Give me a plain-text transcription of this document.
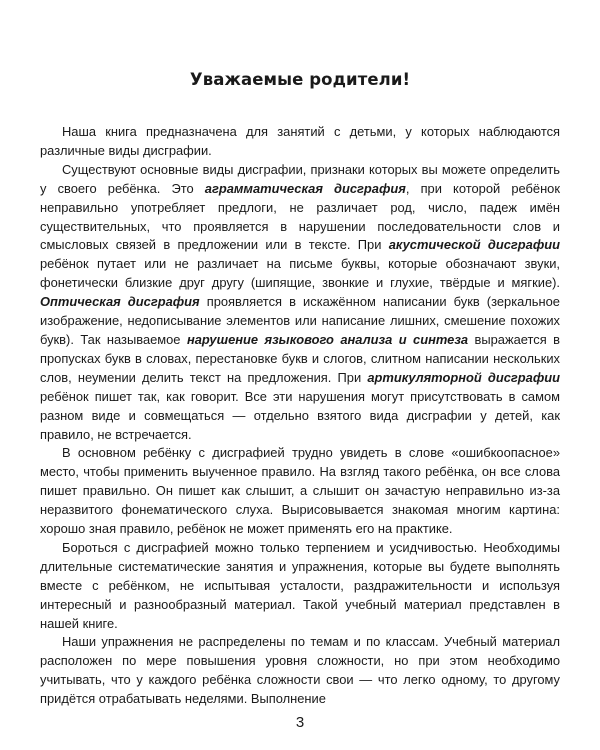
Уважаемые родители!

Наша книга предназначена для занятий с детьми, у которых наблюдаются различные виды дисграфии.

Существуют основные виды дисграфии, признаки которых вы можете определить у своего ребёнка. Это аграмматическая дисграфия, при которой ребёнок неправильно употребляет предлоги, не различает род, число, падеж имён существительных, что проявляется в нарушении последовательности слов и смысловых связей в предложении или в тексте. При акустической дисграфии ребёнок путает или не различает на письме буквы, которые обозначают звуки, фонетически близкие друг другу (шипящие, звонкие и глухие, твёрдые и мягкие). Оптическая дисграфия проявляется в искажённом написании букв (зеркальное изображение, недописывание элементов или написание лишних, смешение похожих букв). Так называемое нарушение языкового анализа и синтеза выражается в пропусках букв в словах, перестановке букв и слогов, слитном написании нескольких слов, неумении делить текст на предложения. При артикуляторной дисграфии ребёнок пишет так, как говорит. Все эти нарушения могут присутствовать в самом разном виде и совмещаться — отдельно взятого вида дисграфии у детей, как правило, не встречается.

В основном ребёнку с дисграфией трудно увидеть в слове «ошибкоопасное» место, чтобы применить выученное правило. На взгляд такого ребёнка, он все слова пишет правильно. Он пишет как слышит, а слышит он зачастую неправильно из-за неразвитого фонематического слуха. Вырисовывается знакомая многим картина: хорошо зная правило, ребёнок не может применять его на практике.

Бороться с дисграфией можно только терпением и усидчивостью. Необходимы длительные систематические занятия и упражнения, которые вы будете выполнять вместе с ребёнком, не испытывая усталости, раздражительности и используя интересный и разнообразный материал. Такой учебный материал представлен в нашей книге.

Наши упражнения не распределены по темам и по классам. Учебный материал расположен по мере повышения уровня сложности, но при этом необходимо учитывать, что у каждого ребёнка сложности свои — что легко одному, то другому придётся отрабатывать неделями. Выполнение

3
